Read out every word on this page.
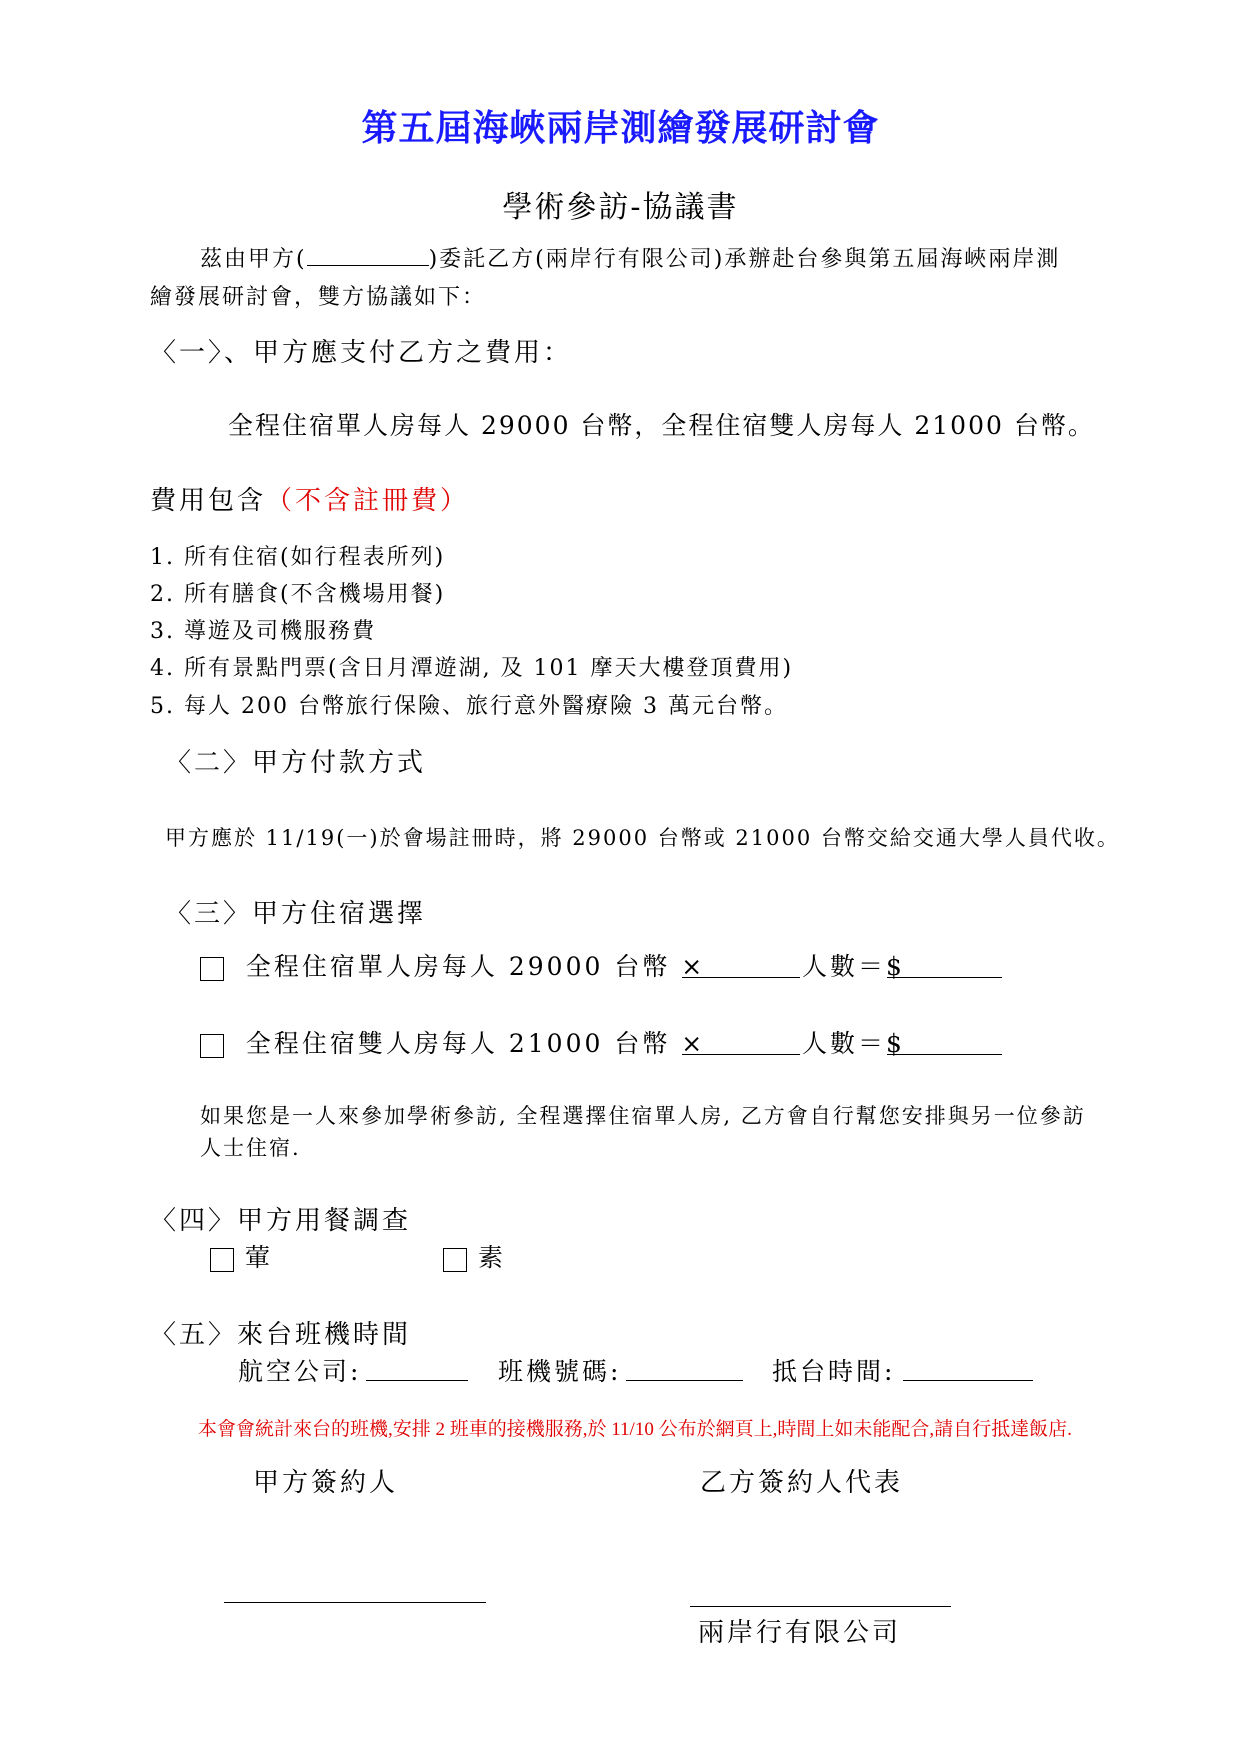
第五屆海峽兩岸測繪發展研討會
學術參訪-協議書
茲由甲方(	)委託乙方(兩岸行有限公司)承辦赴台參與第五屆海峽兩岸測
繪發展研討會，雙方協議如下：
〈一〉、甲方應支付乙方之費用：
全程住宿單人房每人 29000 台幣，全程住宿雙人房每人 21000 台幣。
費用包含（不含註冊費）
1. 所有住宿(如行程表所列)
2. 所有膳食(不含機場用餐)
3. 導遊及司機服務費
4. 所有景點門票(含日月潭遊湖, 及 101 摩天大樓登頂費用)
5. 每人 200 台幣旅行保險、旅行意外醫療險 3 萬元台幣。
〈二〉甲方付款方式
甲方應於 11/19(一)於會場註冊時，將 29000 台幣或 21000 台幣交給交通大學人員代收。
〈三〉甲方住宿選擇
全程住宿單人房每人 29000 台幣 ×	人數＝$
全程住宿雙人房每人 21000 台幣 ×	人數＝$
如果您是一人來參加學術參訪, 全程選擇住宿單人房, 乙方會自行幫您安排與另一位參訪
人士住宿.
〈四〉甲方用餐調查
葷	素
〈五〉來台班機時間
航空公司:	班機號碼:	抵台時間:
本會會統計來台的班機,安排 2 班車的接機服務,於 11/10 公布於網頁上,時間上如未能配合,請自行抵達飯店.
甲方簽約人	乙方簽約人代表
兩岸行有限公司
